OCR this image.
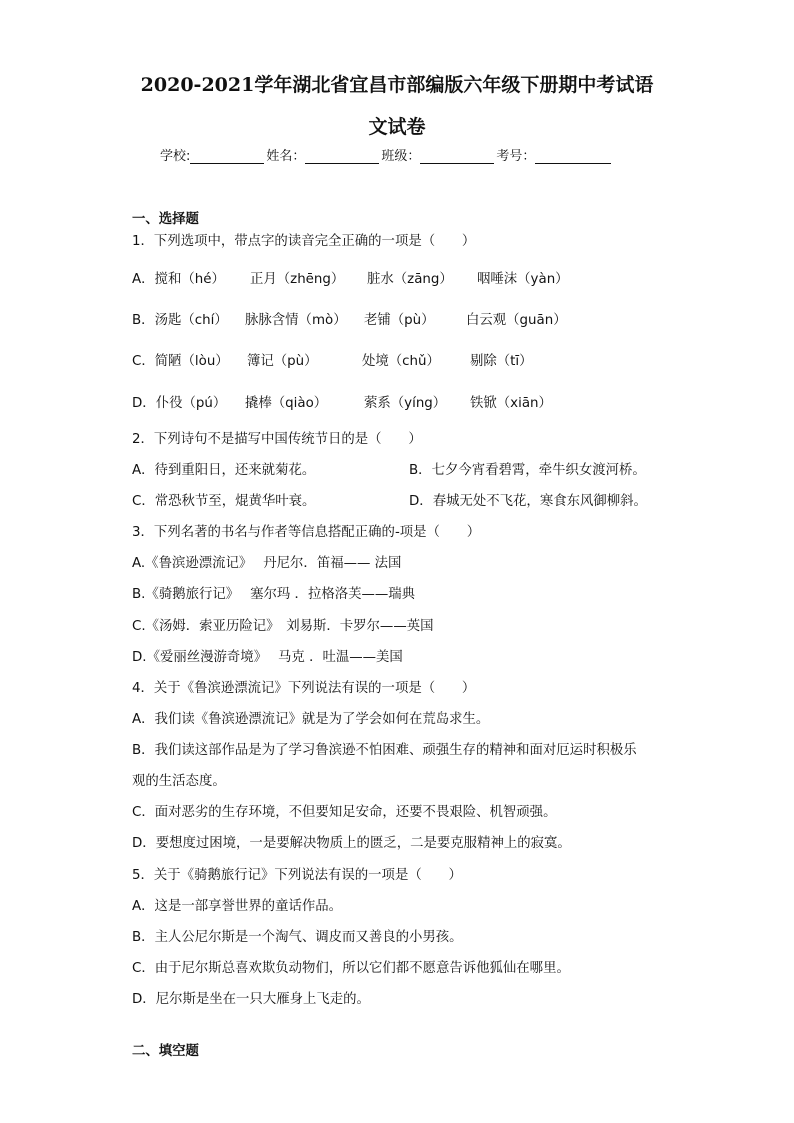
2020-2021学年湖北省宜昌市部编版六年级下册期中考试语
文试卷
学校:	姓名：	班级：	考号：
一、选择题
1．下列选项中，带点字的读音完全正确的一项是（　　）
A．搅和（hé） 正月（zhēng） 脏水（zāng） 咽唾沫（yàn）
B．汤匙（chí） 脉脉含情（mò） 老铺（pù） 白云观（guān）
C．简陋（lòu） 簿记（pù）	处境（chǔ） 剔除（tī）
D．仆役（pú） 撬棒（qiào）	萦系（yíng） 铁锨（xiān）
2．下列诗句不是描写中国传统节日的是（　　）
A．待到重阳日，还来就菊花。	B．七夕今宵看碧霄，牵牛织女渡河桥。
C．常恐秋节至，焜黄华叶衰。	D．春城无处不飞花，寒食东风御柳斜。
3．下列名著的书名与作者等信息搭配正确的-项是（　　）
A.《鲁滨逊漂流记》　 丹尼尔．笛福—— 法国
B.《骑鹅旅行记》　 塞尔玛 ．拉格洛芙——瑞典
C.《汤姆．索亚历险记》　刘易斯．卡罗尔——英国
D.《爱丽丝漫游奇境》　 马克 ．吐温——美国
4．关于《鲁滨逊漂流记》下列说法有误的一项是（　　）
A．我们读《鲁滨逊漂流记》就是为了学会如何在荒岛求生。
B．我们读这部作品是为了学习鲁滨逊不怕困难、顽强生存的精神和面对厄运时积极乐
观的生活态度。
C．面对恶劣的生存环境，不但要知足安命，还要不畏艰险、机智顽强。
D．要想度过困境，一是要解决物质上的匮乏，二是要克服精神上的寂寞。
5．关于《骑鹅旅行记》下列说法有误的一项是（　　）
A．这是一部享誉世界的童话作品。
B．主人公尼尔斯是一个淘气、调皮而又善良的小男孩。
C．由于尼尔斯总喜欢欺负动物们，所以它们都不愿意告诉他狐仙在哪里。
D．尼尔斯是坐在一只大雁身上飞走的。
二、填空题
